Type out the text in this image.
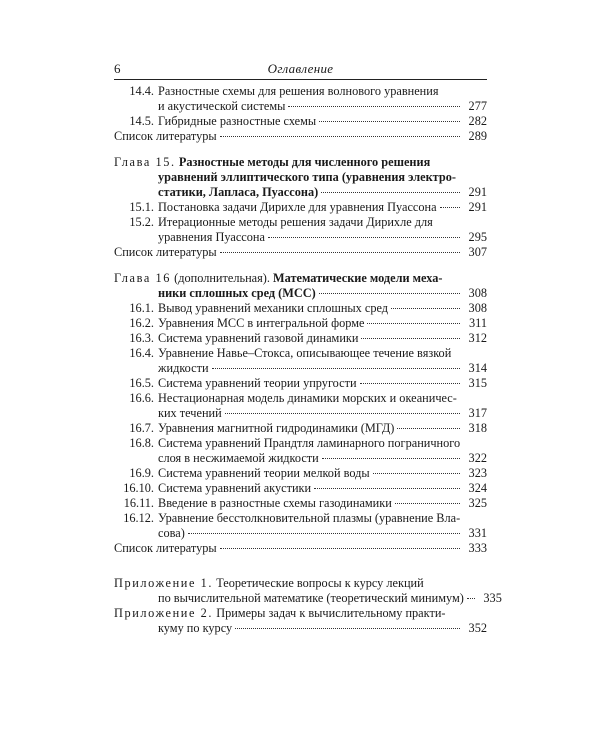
6	Оглавление
14.4. Разностные схемы для решения волнового уравнения
и акустической системы	277
14.5. Гибридные разностные схемы	282
Список литературы	289
Глава 15. Разностные методы для численного решения
уравнений эллиптического типа (уравнения электро-
статики, Лапласа, Пуассона)	291
15.1. Постановка задачи Дирихле для уравнения Пуассона	291
15.2. Итерационные методы решения задачи Дирихле для
уравнения Пуассона	295
Список литературы	307
Глава 16 (дополнительная). Математические модели меха-
ники сплошных сред (МСС)	308
16.1. Вывод уравнений механики сплошных сред	308
16.2. Уравнения МСС в интегральной форме	311
16.3. Система уравнений газовой динамики	312
16.4. Уравнение Навье–Стокса, описывающее течение вязкой
жидкости	314
16.5. Система уравнений теории упругости	315
16.6. Нестационарная модель динамики морских и океаничес-
ких течений	317
16.7. Уравнения магнитной гидродинамики (МГД)	318
16.8. Система уравнений Прандтля ламинарного пограничного
слоя в несжимаемой жидкости	322
16.9. Система уравнений теории мелкой воды	323
16.10. Система уравнений акустики	324
16.11. Введение в разностные схемы газодинамики	325
16.12. Уравнение бесстолкновительной плазмы (уравнение Вла-
сова)	331
Список литературы	333
Приложение 1. Теоретические вопросы к курсу лекций
по вычислительной математике (теоретический минимум)	335
Приложение 2. Примеры задач к вычислительному практи-
куму по курсу	352
